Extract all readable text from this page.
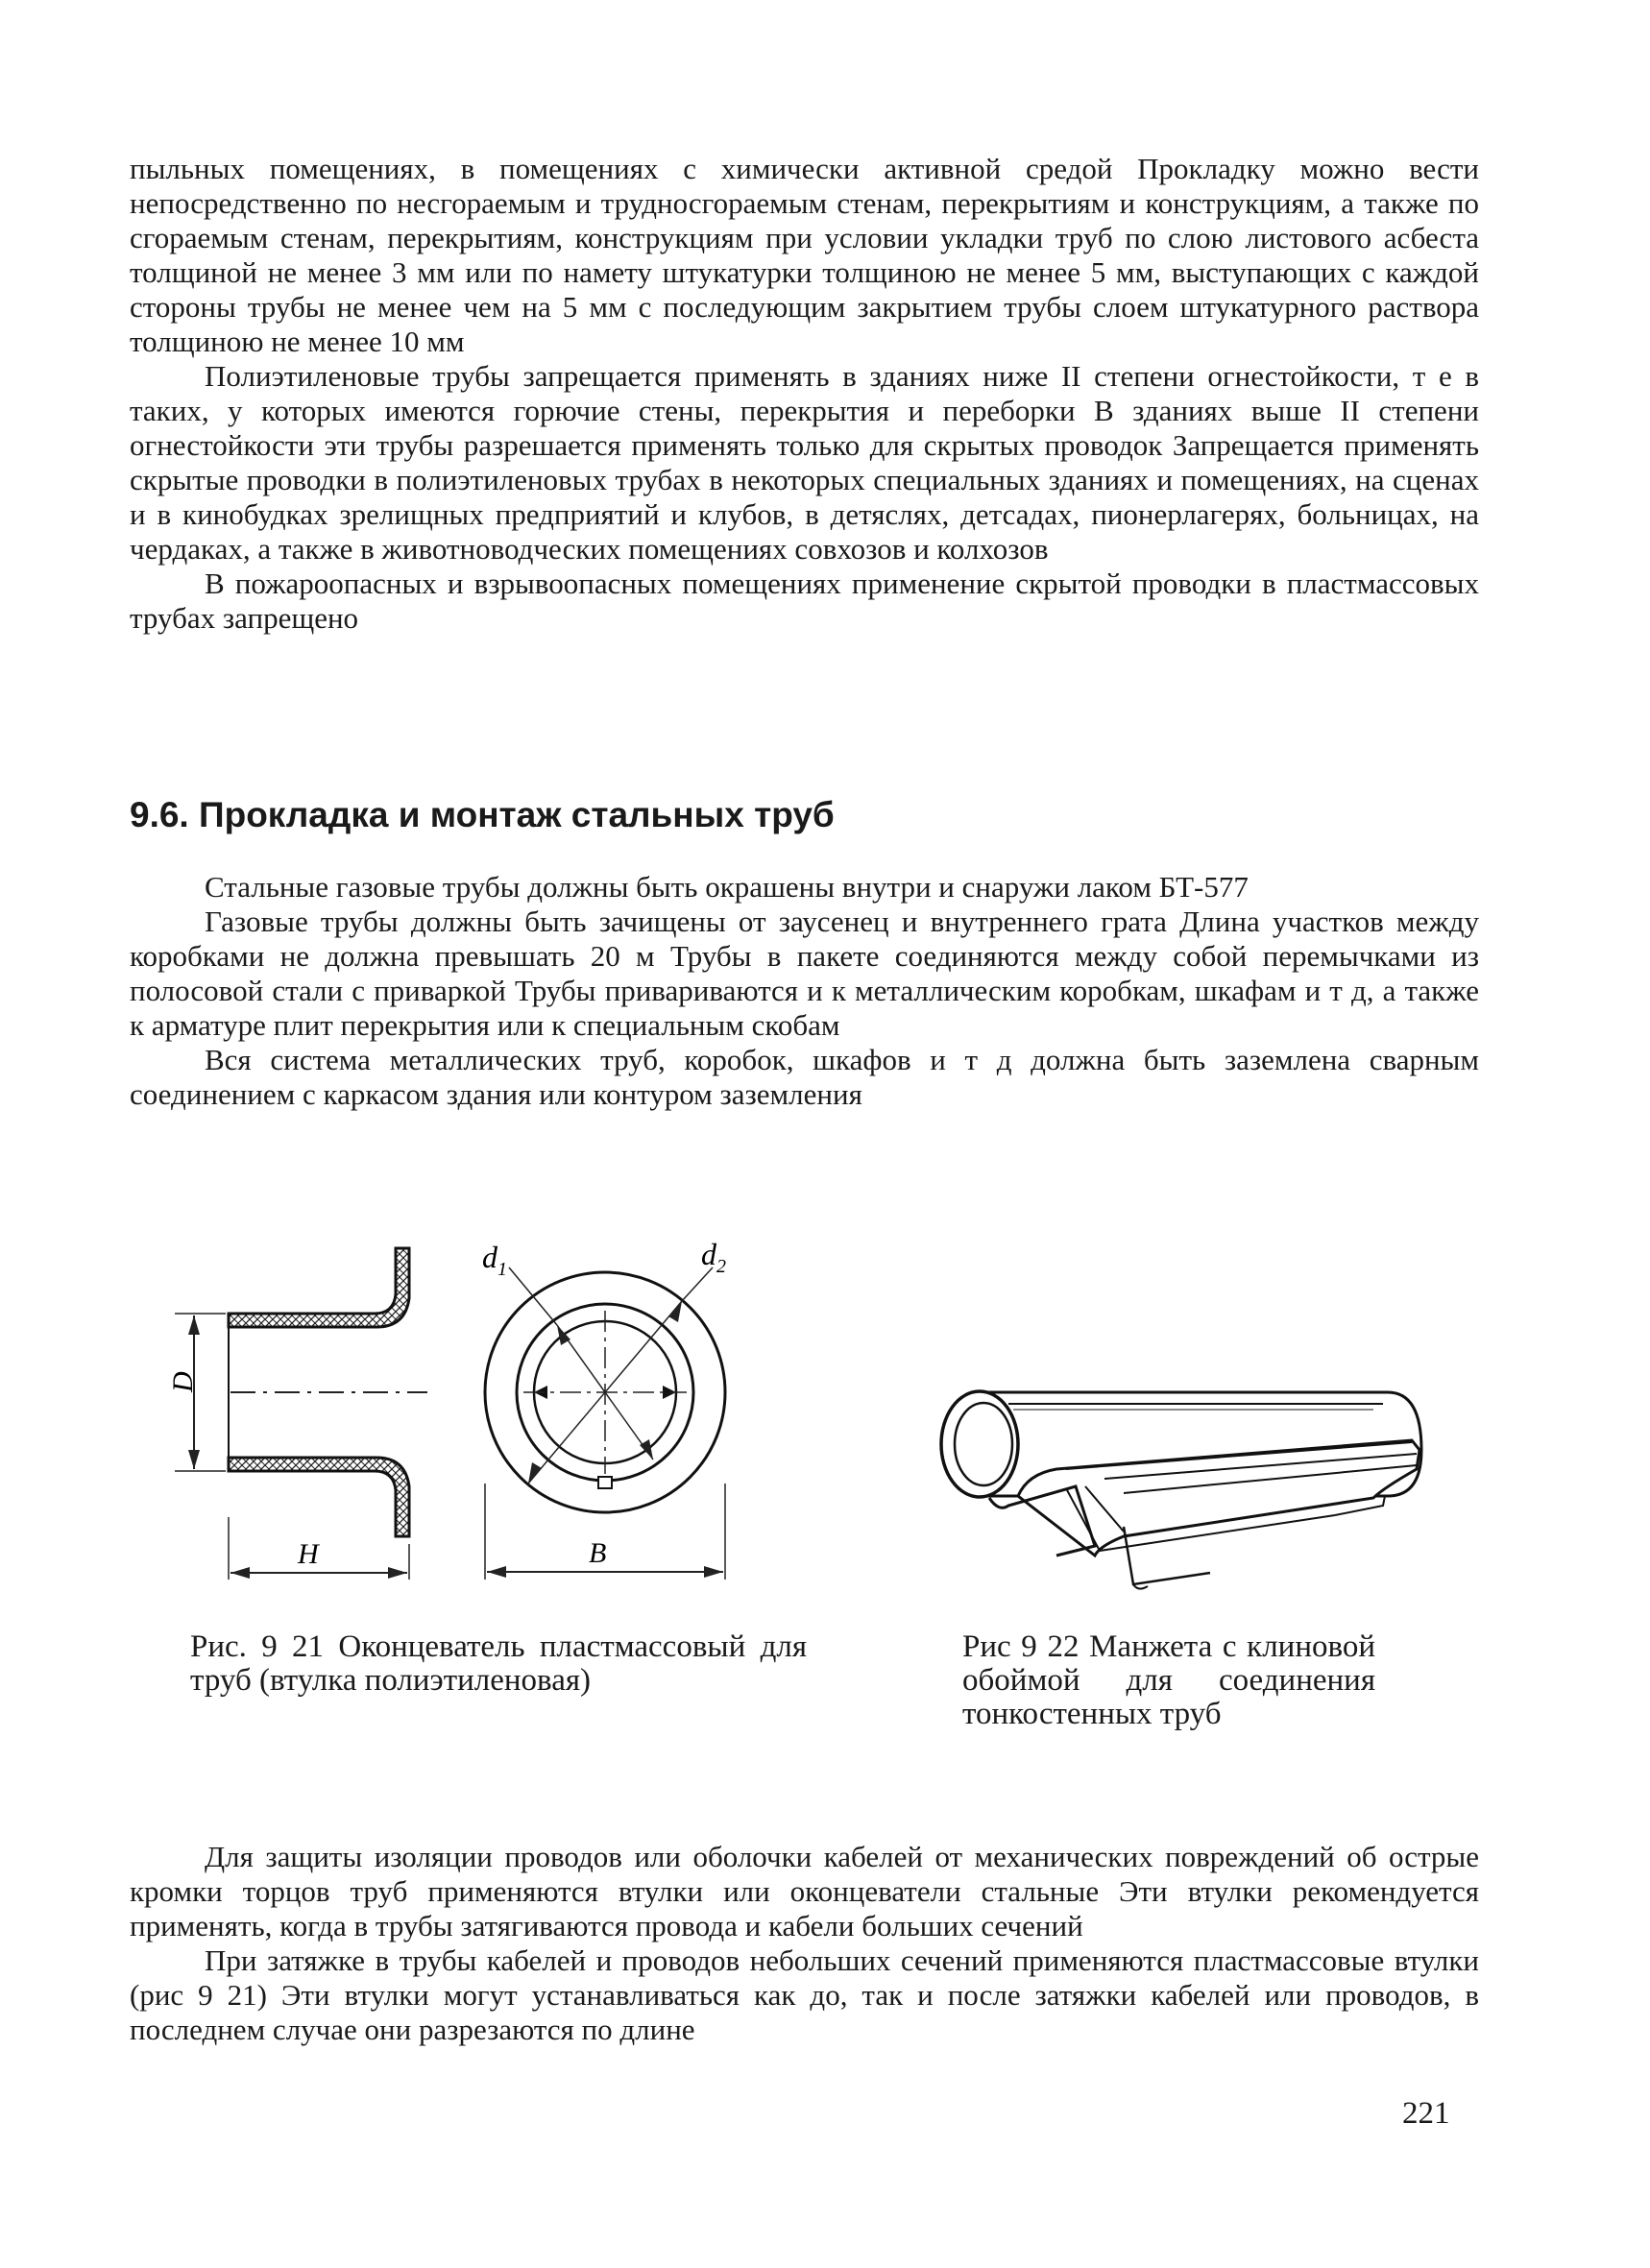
пыльных помещениях, в помещениях с химически активной средой Прокладку можно вести непосредственно по несгораемым и трудносгораемым стенам, перекрытиям и конструкциям, а также по сгораемым стенам, перекрытиям, конструкциям при условии укладки труб по слою листового асбеста толщиной не менее 3 мм или по намету штукатурки толщиною не менее 5 мм, выступающих с каждой стороны трубы не менее чем на 5 мм с последующим закрытием трубы слоем штукатурного раствора толщиною не менее 10 мм

Полиэтиленовые трубы запрещается применять в зданиях ниже II степени огнестойкости, т е в таких, у которых имеются горючие стены, перекрытия и переборки В зданиях выше II степени огнестойкости эти трубы разрешается применять только для скрытых проводок Запрещается применять скрытые проводки в полиэтиленовых трубах в некоторых специальных зданиях и помещениях, на сценах и в кинобудках зрелищных предприятий и клубов, в детяслях, детсадах, пионерлагерях, больницах, на чердаках, а также в животноводческих помещениях совхозов и колхозов

В пожароопасных и взрывоопасных помещениях применение скрытой проводки в пластмассовых трубах запрещено

9.6. Прокладка и монтаж стальных труб

Стальные газовые трубы должны быть окрашены внутри и снаружи лаком БТ-577

Газовые трубы должны быть зачищены от заусенец и внутреннего грата Длина участков между коробками не должна превышать 20 м Трубы в пакете соединяются между собой перемычками из полосовой стали с приваркой Трубы привариваются и к металлическим коробкам, шкафам и т д, а также к арматуре плит перекрытия или к специальным скобам

Вся система металлических труб, коробок, шкафов и т д должна быть заземлена сварным соединением с каркасом здания или контуром заземления

D
H
$d_1$	$d_2$
B
Рис. 9 21 Оконцеватель пластмассовый для труб (втулка полиэтиленовая)
Рис 9 22 Манжета с клиновой обоймой для соединения тонкостенных труб

Для защиты изоляции проводов или оболочки кабелей от механических повреждений об острые кромки торцов труб применяются втулки или оконцеватели стальные Эти втулки рекомендуется применять, когда в трубы затягиваются провода и кабели больших сечений

При затяжке в трубы кабелей и проводов небольших сечений применяются пластмассовые втулки (рис 9 21) Эти втулки могут устанавливаться как до, так и после затяжки кабелей или проводов, в последнем случае они разрезаются по длине

221
